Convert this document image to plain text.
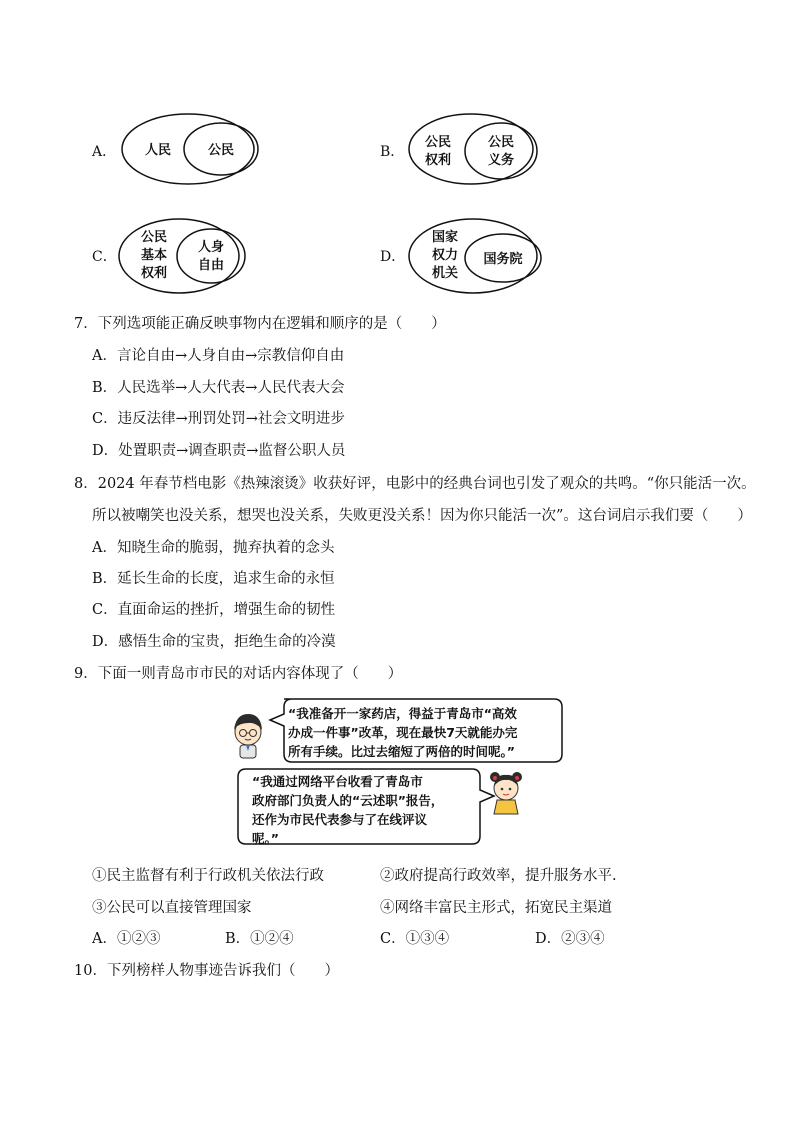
A． 人民	公民	B．
公民
权利
公民
义务
C．
公民
基本
权利
人身
自由
D．
国家
权力
机关
国务院
7．下列选项能正确反映事物内在逻辑和顺序的是（　　）
A．言论自由→人身自由→宗教信仰自由
B．人民选举→人大代表→人民代表大会
C．违反法律→刑罚处罚→社会文明进步
D．处置职责→调查职责→监督公职人员
8．2024 年春节档电影《热辣滚烫》收获好评，电影中的经典台词也引发了观众的共鸣。“你只能活一次。
所以被嘲笑也没关系，想哭也没关系，失败更没关系！因为你只能活一次”。这台词启示我们要（　　）
A．知晓生命的脆弱，抛弃执着的念头
B．延长生命的长度，追求生命的永恒
C．直面命运的挫折，增强生命的韧性
D．感悟生命的宝贵，拒绝生命的冷漠
9．下面一则青岛市市民的对话内容体现了（　　）
“我准备开一家药店，得益于青岛市“高效
办成一件事”改革，现在最快7天就能办完
所有手续。比过去缩短了两倍的时间呢。”
“我通过网络平台收看了青岛市
政府部门负责人的“云述职”报告，
还作为市民代表参与了在线评议
呢。”
①民主监督有利于行政机关依法行政	②政府提高行政效率，提升服务水平.
③公民可以直接管理国家	④网络丰富民主形式，拓宽民主渠道
A．①②③	B．①②④	C．①③④	D．②③④
10．下列榜样人物事迹告诉我们（　　）
